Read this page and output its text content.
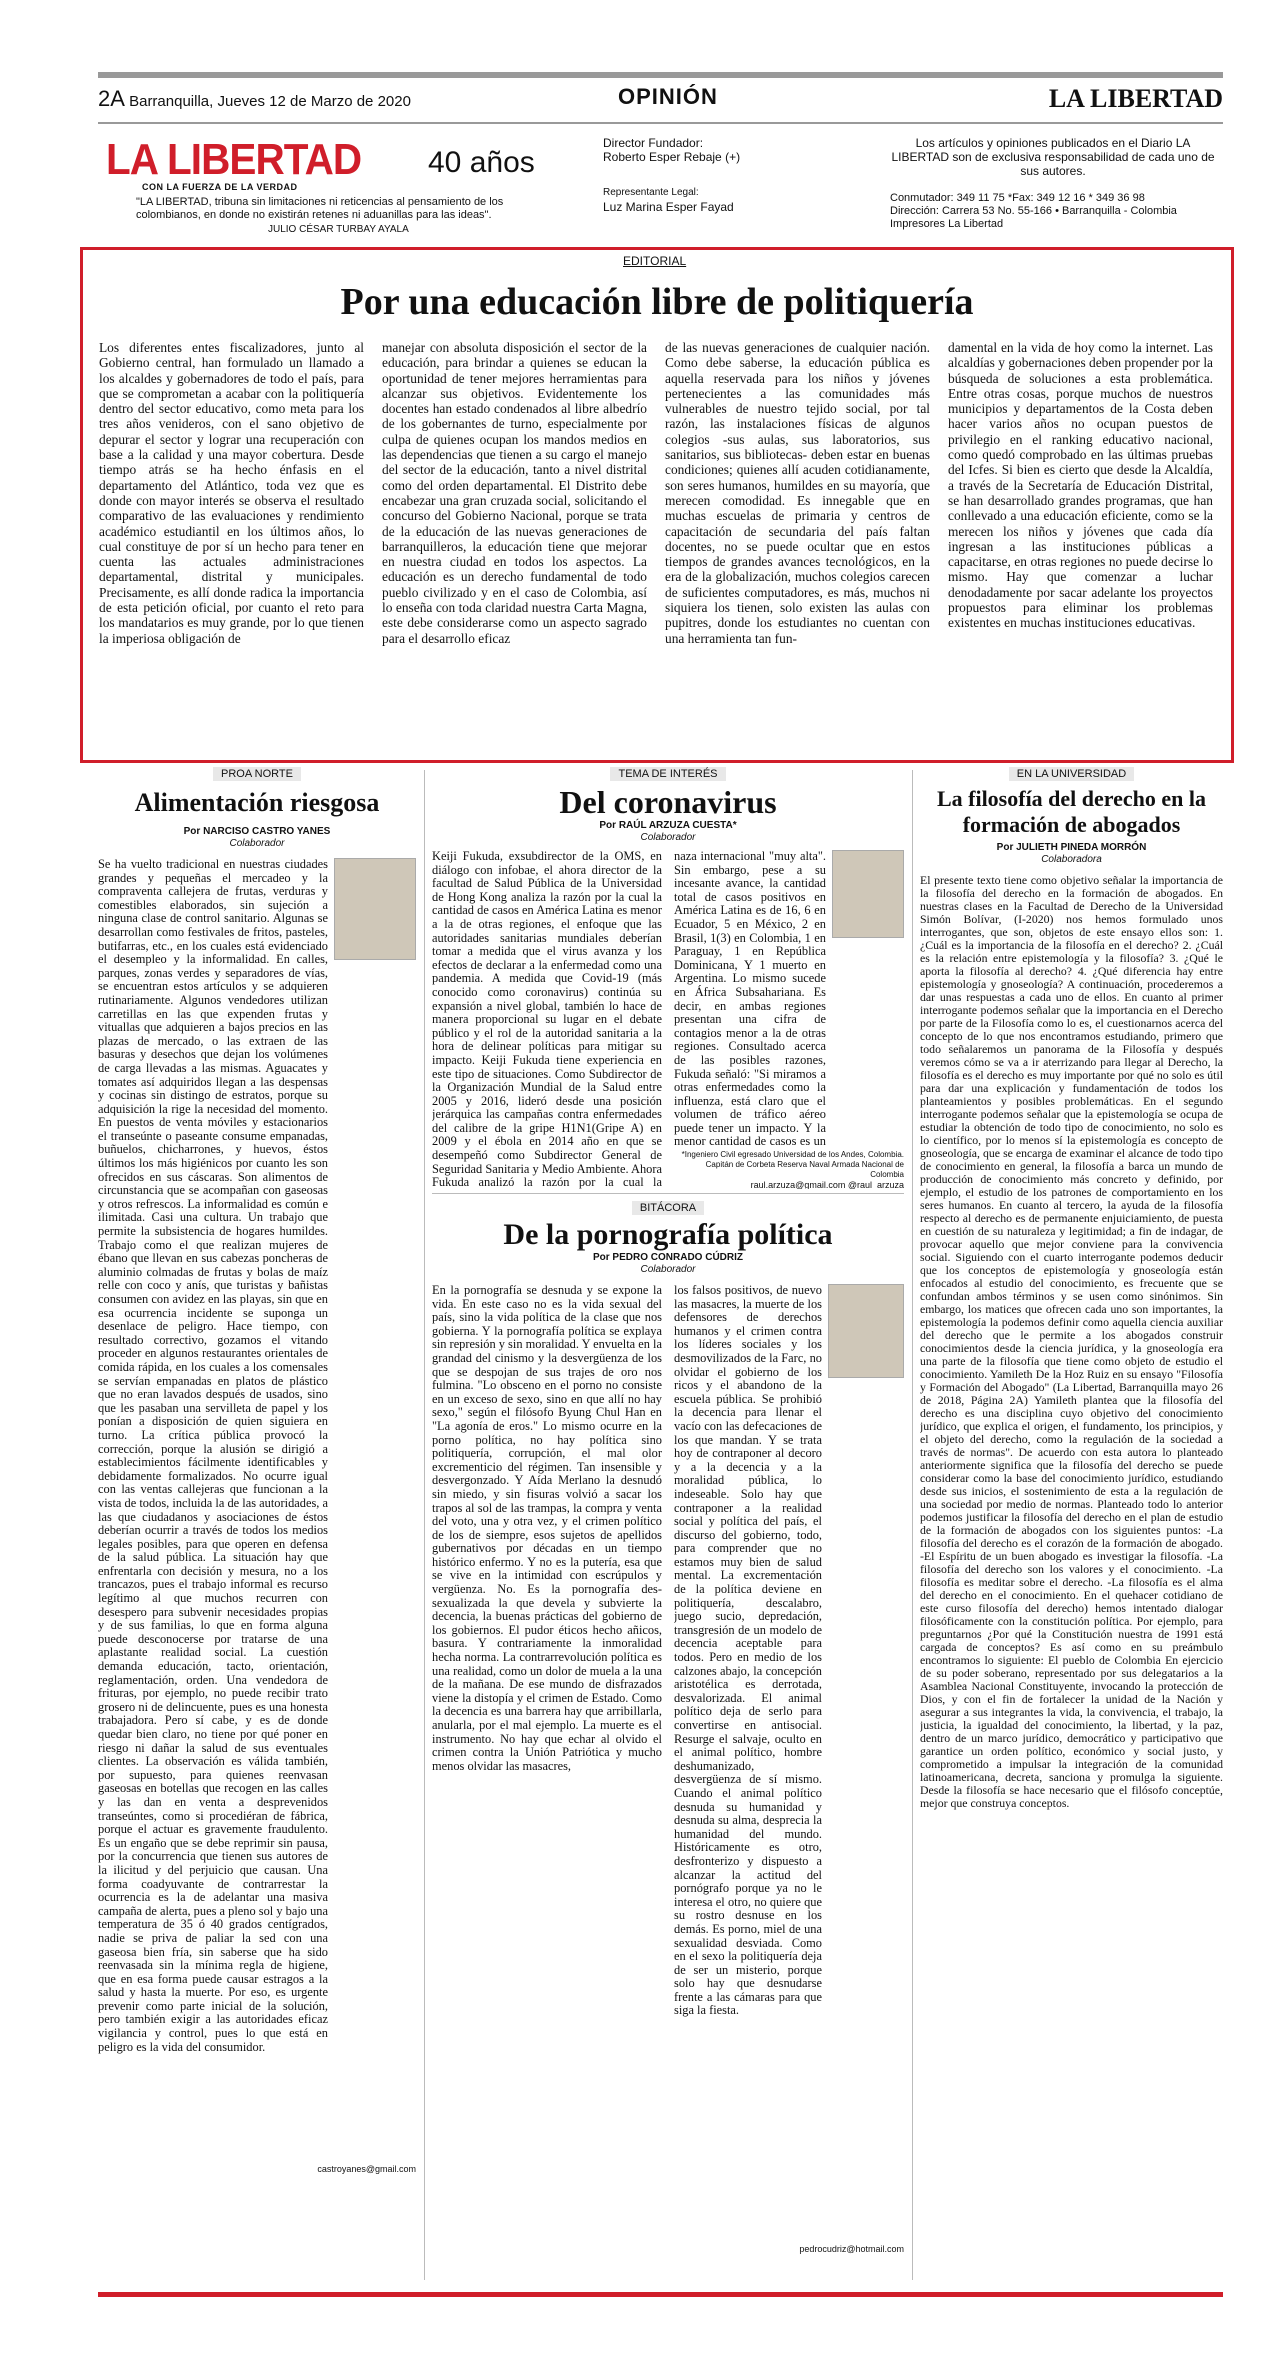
2A Barranquilla, Jueves 12 de Marzo de 2020	OPINIÓN	LA LIBERTAD
LA LIBERTAD
CON LA FUERZA DE LA VERDAD
40 años
"LA LIBERTAD, tribuna sin limitaciones ni reticencias al pensamiento de los colombianos, en donde no existirán retenes ni aduanillas para las ideas".
JULIO CÉSAR TURBAY AYALA
Director Fundador:
Roberto Esper Rebaje (+)
Representante Legal:
Luz Marina Esper Fayad
Los artículos y opiniones publicados en el Diario LA LIBERTAD son de exclusiva responsabilidad de cada uno de sus autores.
Conmutador: 349 11 75 *Fax: 349 12 16 * 349 36 98
Dirección: Carrera 53 No. 55-166 • Barranquilla - Colombia
Impresores La Libertad
EDITORIAL
Por una educación libre de politiquería

Los diferentes entes fiscalizadores, junto al Gobierno central, han formulado un llamado a los alcaldes y gobernadores de todo el país, para que se comprometan a acabar con la politiquería dentro del sector educativo, como meta para los tres años venideros, con el sano objetivo de depurar el sector y lograr una recuperación con base a la calidad y una mayor cobertura. Desde tiempo atrás se ha hecho énfasis en el departamento del Atlántico, toda vez que es donde con mayor interés se observa el resultado comparativo de las evaluaciones y rendimiento académico estudiantil en los últimos años, lo cual constituye de por sí un hecho para tener en cuenta las actuales administraciones departamental, distrital y municipales. Precisamente, es allí donde radica la importancia de esta petición oficial, por cuanto el reto para los mandatarios es muy grande, por lo que tienen la imperiosa obligación de

manejar con absoluta disposición el sector de la educación, para brindar a quienes se educan la oportunidad de tener mejores herramientas para alcanzar sus objetivos. Evidentemente los docentes han estado condenados al libre albedrío de los gobernantes de turno, especialmente por culpa de quienes ocupan los mandos medios en las dependencias que tienen a su cargo el manejo del sector de la educación, tanto a nivel distrital como del orden departamental. El Distrito debe encabezar una gran cruzada social, solicitando el concurso del Gobierno Nacional, porque se trata de la educación de las nuevas generaciones de barranquilleros, la educación tiene que mejorar en nuestra ciudad en todos los aspectos. La educación es un derecho fundamental de todo pueblo civilizado y en el caso de Colombia, así lo enseña con toda claridad nuestra Carta Magna, este debe considerarse como un aspecto sagrado para el desarrollo eficaz

de las nuevas generaciones de cualquier nación. Como debe saberse, la educación pública es aquella reservada para los niños y jóvenes pertenecientes a las comunidades más vulnerables de nuestro tejido social, por tal razón, las instalaciones físicas de algunos colegios -sus aulas, sus laboratorios, sus sanitarios, sus bibliotecas- deben estar en buenas condiciones; quienes allí acuden cotidianamente, son seres humanos, humildes en su mayoría, que merecen comodidad. Es innegable que en muchas escuelas de primaria y centros de capacitación de secundaria del país faltan docentes, no se puede ocultar que en estos tiempos de grandes avances tecnológicos, en la era de la globalización, muchos colegios carecen de suficientes computadores, es más, muchos ni siquiera los tienen, solo existen las aulas con pupitres, donde los estudiantes no cuentan con una herramienta tan fun-

damental en la vida de hoy como la internet. Las alcaldías y gobernaciones deben propender por la búsqueda de soluciones a esta problemática. Entre otras cosas, porque muchos de nuestros municipios y departamentos de la Costa deben hacer varios años no ocupan puestos de privilegio en el ranking educativo nacional, como quedó comprobado en las últimas pruebas del Icfes. Si bien es cierto que desde la Alcaldía, a través de la Secretaría de Educación Distrital, se han desarrollado grandes programas, que han conllevado a una educación eficiente, como se la merecen los niños y jóvenes que cada día ingresan a las instituciones públicas a capacitarse, en otras regiones no puede decirse lo mismo. Hay que comenzar a luchar denodadamente por sacar adelante los proyectos propuestos para eliminar los problemas existentes en muchas instituciones educativas.

PROA NORTE
Alimentación riesgosa
Por NARCISO CASTRO YANES
Colaborador

Se ha vuelto tradicional en nuestras ciudades grandes y pequeñas el mercadeo y la compraventa callejera de frutas, verduras y comestibles elaborados, sin sujeción a ninguna clase de control sanitario. Algunas se desarrollan como festivales de fritos, pasteles, butifarras, etc., en los cuales está evidenciado el desempleo y la informalidad. En calles, parques, zonas verdes y separadores de vías, se encuentran estos artículos y se adquieren rutinariamente. Algunos vendedores utilizan carretillas en las que expenden frutas y vituallas que adquieren a bajos precios en las plazas de mercado, o las extraen de las basuras y desechos que dejan los volúmenes de carga llevadas a las mismas. Aguacates y tomates así adquiridos llegan a las despensas y cocinas sin distingo de estratos, porque su adquisición la rige la necesidad del momento. En puestos de venta móviles y estacionarios el transeúnte o paseante consume empanadas, buñuelos, chicharrones, y huevos, éstos últimos los más higiénicos por cuanto les son ofrecidos en sus cáscaras. Son alimentos de circunstancia que se acompañan con gaseosas y otros refrescos. La informalidad es común e ilimitada. Casi una cultura. Un trabajo que permite la subsistencia de hogares humildes. Trabajo como el que realizan mujeres de ébano que llevan en sus cabezas poncheras de aluminio colmadas de frutas y bolas de maíz relle con coco y anís, que turistas y bañistas consumen con avidez en las playas, sin que en esa ocurrencia incidente se suponga un desenlace de peligro. Hace tiempo, con resultado correctivo, gozamos el vitando proceder en algunos restaurantes orientales de comida rápida, en los cuales a los comensales se servían empanadas en platos de plástico que no eran lavados después de usados, sino que les pasaban una servilleta de papel y los ponían a disposición de quien siguiera en turno. La crítica pública provocó la corrección, porque la alusión se dirigió a establecimientos fácilmente identificables y debidamente formalizados. No ocurre igual con las ventas callejeras que funcionan a la vista de todos, incluida la de las autoridades, a las que ciudadanos y asociaciones de éstos deberían ocurrir a través de todos los medios legales posibles, para que operen en defensa de la salud pública. La situación hay que enfrentarla con decisión y mesura, no a los trancazos, pues el trabajo informal es recurso legítimo al que muchos recurren con desespero para subvenir necesidades propias y de sus familias, lo que en forma alguna puede desconocerse por tratarse de una aplastante realidad social. La cuestión demanda educación, tacto, orientación, reglamentación, orden. Una vendedora de frituras, por ejemplo, no puede recibir trato grosero ni de delincuente, pues es una honesta trabajadora. Pero sí cabe, y es de donde quedar bien claro, no tiene por qué poner en riesgo ni dañar la salud de sus eventuales clientes. La observación es válida también, por supuesto, para quienes reenvasan gaseosas en botellas que recogen en las calles y las dan en venta a desprevenidos transeúntes, como si procediéran de fábrica, porque el actuar es gravemente fraudulento. Es un engaño que se debe reprimir sin pausa, por la concurrencia que tienen sus autores de la ilicitud y del perjuicio que causan. Una forma coadyuvante de contrarrestar la ocurrencia es la de adelantar una masiva campaña de alerta, pues a pleno sol y bajo una temperatura de 35 ó 40 grados centígrados, nadie se priva de paliar la sed con una gaseosa bien fría, sin saberse que ha sido reenvasada sin la mínima regla de higiene, que en esa forma puede causar estragos a la salud y hasta la muerte. Por eso, es urgente prevenir como parte inicial de la solución, pero también exigir a las autoridades eficaz vigilancia y control, pues lo que está en peligro es la vida del consumidor.

castroyanes@gmail.com
TEMA DE INTERÉS
Del coronavirus
Por RAÚL ARZUZA CUESTA*
Colaborador

Keiji Fukuda, exsubdirector de la OMS, en diálogo con infobae, el ahora director de la facultad de Salud Pública de la Universidad de Hong Kong analiza la razón por la cual la cantidad de casos en América Latina es menor a la de otras regiones, el enfoque que las autoridades sanitarias mundiales deberían tomar a medida que el virus avanza y los efectos de declarar a la enfermedad como una pandemia. A medida que Covid-19 (más conocido como coronavirus) continúa su expansión a nivel global, también lo hace de manera proporcional su lugar en el debate público y el rol de la autoridad sanitaria a la hora de delinear políticas para mitigar su impacto. Keiji Fukuda tiene experiencia en este tipo de situaciones. Como Subdirector de la Organización Mundial de la Salud entre 2005 y 2016, lideró desde una posición jerárquica las campañas contra enfermedades del calibre de la gripe H1N1(Gripe A) en 2009 y el ébola en 2014 año en que se desempeñó como Subdirector General de Seguridad Sanitaria y Medio Ambiente. Ahora Fukuda analizó la razón por la cual la

naza internacional "muy alta". Sin embargo, pese a su incesante avance, la cantidad total de casos positivos en América Latina es de 16, 6 en Ecuador, 5 en México, 2 en Brasil, 1(3) en Colombia, 1 en Paraguay, 1 en República Dominicana, Y 1 muerto en Argentina. Lo mismo sucede en África Subsahariana. Es decir, en ambas regiones presentan una cifra de contagios menor a la de otras regiones. Consultado acerca de las posibles razones, Fukuda señaló: "Si miramos a otras enfermedades como la influenza, está claro que el volumen de tráfico aéreo puede tener un impacto. Y la menor cantidad de casos es un

*Ingeniero Civil egresado Universidad de los Andes, Colombia. Capitán de Corbeta Reserva Naval Armada Nacional de Colombia
raul.arzuza@gmail.com @raul_arzuza
BITÁCORA
De la pornografía política
Por PEDRO CONRADO CÚDRIZ
Colaborador

En la pornografía se desnuda y se expone la vida. En este caso no es la vida sexual del país, sino la vida política de la clase que nos gobierna. Y la pornografía política se explaya sin represión y sin moralidad. Y envuelta en la grandad del cinismo y la desvergüenza de los que se despojan de sus trajes de oro nos fulmina. "Lo obsceno en el porno no consiste en un exceso de sexo, sino en que allí no hay sexo," según el filósofo Byung Chul Han en "La agonía de eros." Lo mismo ocurre en la porno política, no hay política sino politiquería, corrupción, el mal olor excrementicio del régimen. Tan insensible y desvergonzado. Y Aída Merlano la desnudó sin miedo, y sin fisuras volvió a sacar los trapos al sol de las trampas, la compra y venta del voto, una y otra vez, y el crimen político de los de siempre, esos sujetos de apellidos gubernativos por décadas en un tiempo histórico enfermo. Y no es la putería, esa que se vive en la intimidad con escrúpulos y vergüenza. No. Es la pornografía des-sexualizada la que devela y subvierte la decencia, la buenas prácticas del gobierno de los gobiernos. El pudor éticos hecho añicos, basura. Y contrariamente la inmoralidad hecha norma. La contrarrevolución política es una realidad, como un dolor de muela a la una de la mañana. De ese mundo de disfrazados viene la distopía y el crimen de Estado. Como la decencia es una barrera hay que arribillarla, anularla, por el mal ejemplo. La muerte es el instrumento. No hay que echar al olvido el crimen contra la Unión Patriótica y mucho menos olvidar las masacres,

los falsos positivos, de nuevo las masacres, la muerte de los defensores de derechos humanos y el crimen contra los líderes sociales y los desmovilizados de la Farc, no olvidar el gobierno de los ricos y el abandono de la escuela pública. Se prohibió la decencia para llenar el vacío con las defecaciones de los que mandan. Y se trata hoy de contraponer al decoro y a la decencia y a la moralidad pública, lo indeseable. Solo hay que contraponer a la realidad social y política del país, el discurso del gobierno, todo, para comprender que no estamos muy bien de salud mental. La excrementación de la política deviene en politiquería, descalabro, juego sucio, depredación, transgresión de un modelo de decencia aceptable para todos. Pero en medio de los calzones abajo, la concepción aristotélica es derrotada, desvalorizada. El animal político deja de serlo para convertirse en antisocial. Resurge el salvaje, oculto en el animal político, hombre deshumanizado, desvergüenza de sí mismo. Cuando el animal político desnuda su humanidad y desnuda su alma, desprecia la humanidad del mundo. Históricamente es otro, desfronterizo y dispuesto a alcanzar la actitud del pornógrafo porque ya no le interesa el otro, no quiere que su rostro desnuse en los demás. Es porno, miel de una sexualidad desviada. Como en el sexo la politiquería deja de ser un misterio, porque solo hay que desnudarse frente a las cámaras para que siga la fiesta.

pedrocudriz@hotmail.com
EN LA UNIVERSIDAD
La filosofía del derecho en la formación de abogados
Por JULIETH PINEDA MORRÓN
Colaboradora

El presente texto tiene como objetivo señalar la importancia de la filosofía del derecho en la formación de abogados. En nuestras clases en la Facultad de Derecho de la Universidad Simón Bolívar, (I-2020) nos hemos formulado unos interrogantes, que son, objetos de este ensayo ellos son: 1. ¿Cuál es la importancia de la filosofía en el derecho? 2. ¿Cuál es la relación entre epistemología y la filosofía? 3. ¿Qué le aporta la filosofía al derecho? 4. ¿Qué diferencia hay entre epistemología y gnoseología? A continuación, procederemos a dar unas respuestas a cada uno de ellos. En cuanto al primer interrogante podemos señalar que la importancia en el Derecho por parte de la Filosofía como lo es, el cuestionarnos acerca del concepto de lo que nos encontramos estudiando, primero que todo señalaremos un panorama de la Filosofía y después veremos cómo se va a ir aterrizando para llegar al Derecho, la filosofía es el derecho es muy importante por qué no solo es útil para dar una explicación y fundamentación de todos los planteamientos y posibles problemáticas. En el segundo interrogante podemos señalar que la epistemología se ocupa de estudiar la obtención de todo tipo de conocimiento, no solo es lo científico, por lo menos sí la epistemología es concepto de gnoseología, que se encarga de examinar el alcance de todo tipo de conocimiento en general, la filosofía a barca un mundo de producción de conocimiento más concreto y definido, por ejemplo, el estudio de los patrones de comportamiento en los seres humanos. En cuanto al tercero, la ayuda de la filosofía respecto al derecho es de permanente enjuiciamiento, de puesta en cuestión de su naturaleza y legitimidad; a fin de indagar, de provocar aquello que mejor conviene para la convivencia social. Siguiendo con el cuarto interrogante podemos deducir que los conceptos de epistemología y gnoseología están enfocados al estudio del conocimiento, es frecuente que se confundan ambos términos y se usen como sinónimos. Sin embargo, los matices que ofrecen cada uno son importantes, la epistemología la podemos definir como aquella ciencia auxiliar del derecho que le permite a los abogados construir conocimientos desde la ciencia jurídica, y la gnoseología era una parte de la filosofía que tiene como objeto de estudio el conocimiento. Yamileth De la Hoz Ruiz en su ensayo "Filosofía y Formación del Abogado" (La Libertad, Barranquilla mayo 26 de 2018, Página 2A) Yamileth plantea que la filosofía del derecho es una disciplina cuyo objetivo del conocimiento jurídico, que explica el origen, el fundamento, los principios, y el objeto del derecho, como la regulación de la sociedad a través de normas". De acuerdo con esta autora lo planteado anteriormente significa que la filosofía del derecho se puede considerar como la base del conocimiento jurídico, estudiando desde sus inicios, el sostenimiento de esta a la regulación de una sociedad por medio de normas. Planteado todo lo anterior podemos justificar la filosofía del derecho en el plan de estudio de la formación de abogados con los siguientes puntos: -La filosofía del derecho es el corazón de la formación de abogado. -El Espíritu de un buen abogado es investigar la filosofía. -La filosofía del derecho son los valores y el conocimiento. -La filosofía es meditar sobre el derecho. -La filosofía es el alma del derecho en el conocimiento. En el quehacer cotidiano de este curso filosofía del derecho) hemos intentado dialogar filosóficamente con la constitución política. Por ejemplo, para preguntarnos ¿Por qué la Constitución nuestra de 1991 está cargada de conceptos? Es así como en su preámbulo encontramos lo siguiente: El pueblo de Colombia En ejercicio de su poder soberano, representado por sus delegatarios a la Asamblea Nacional Constituyente, invocando la protección de Dios, y con el fin de fortalecer la unidad de la Nación y asegurar a sus integrantes la vida, la convivencia, el trabajo, la justicia, la igualdad del conocimiento, la libertad, y la paz, dentro de un marco jurídico, democrático y participativo que garantice un orden político, económico y social justo, y comprometido a impulsar la integración de la comunidad latinoamericana, decreta, sanciona y promulga la siguiente. Desde la filosofía se hace necesario que el filósofo conceptúe, mejor que construya conceptos.
